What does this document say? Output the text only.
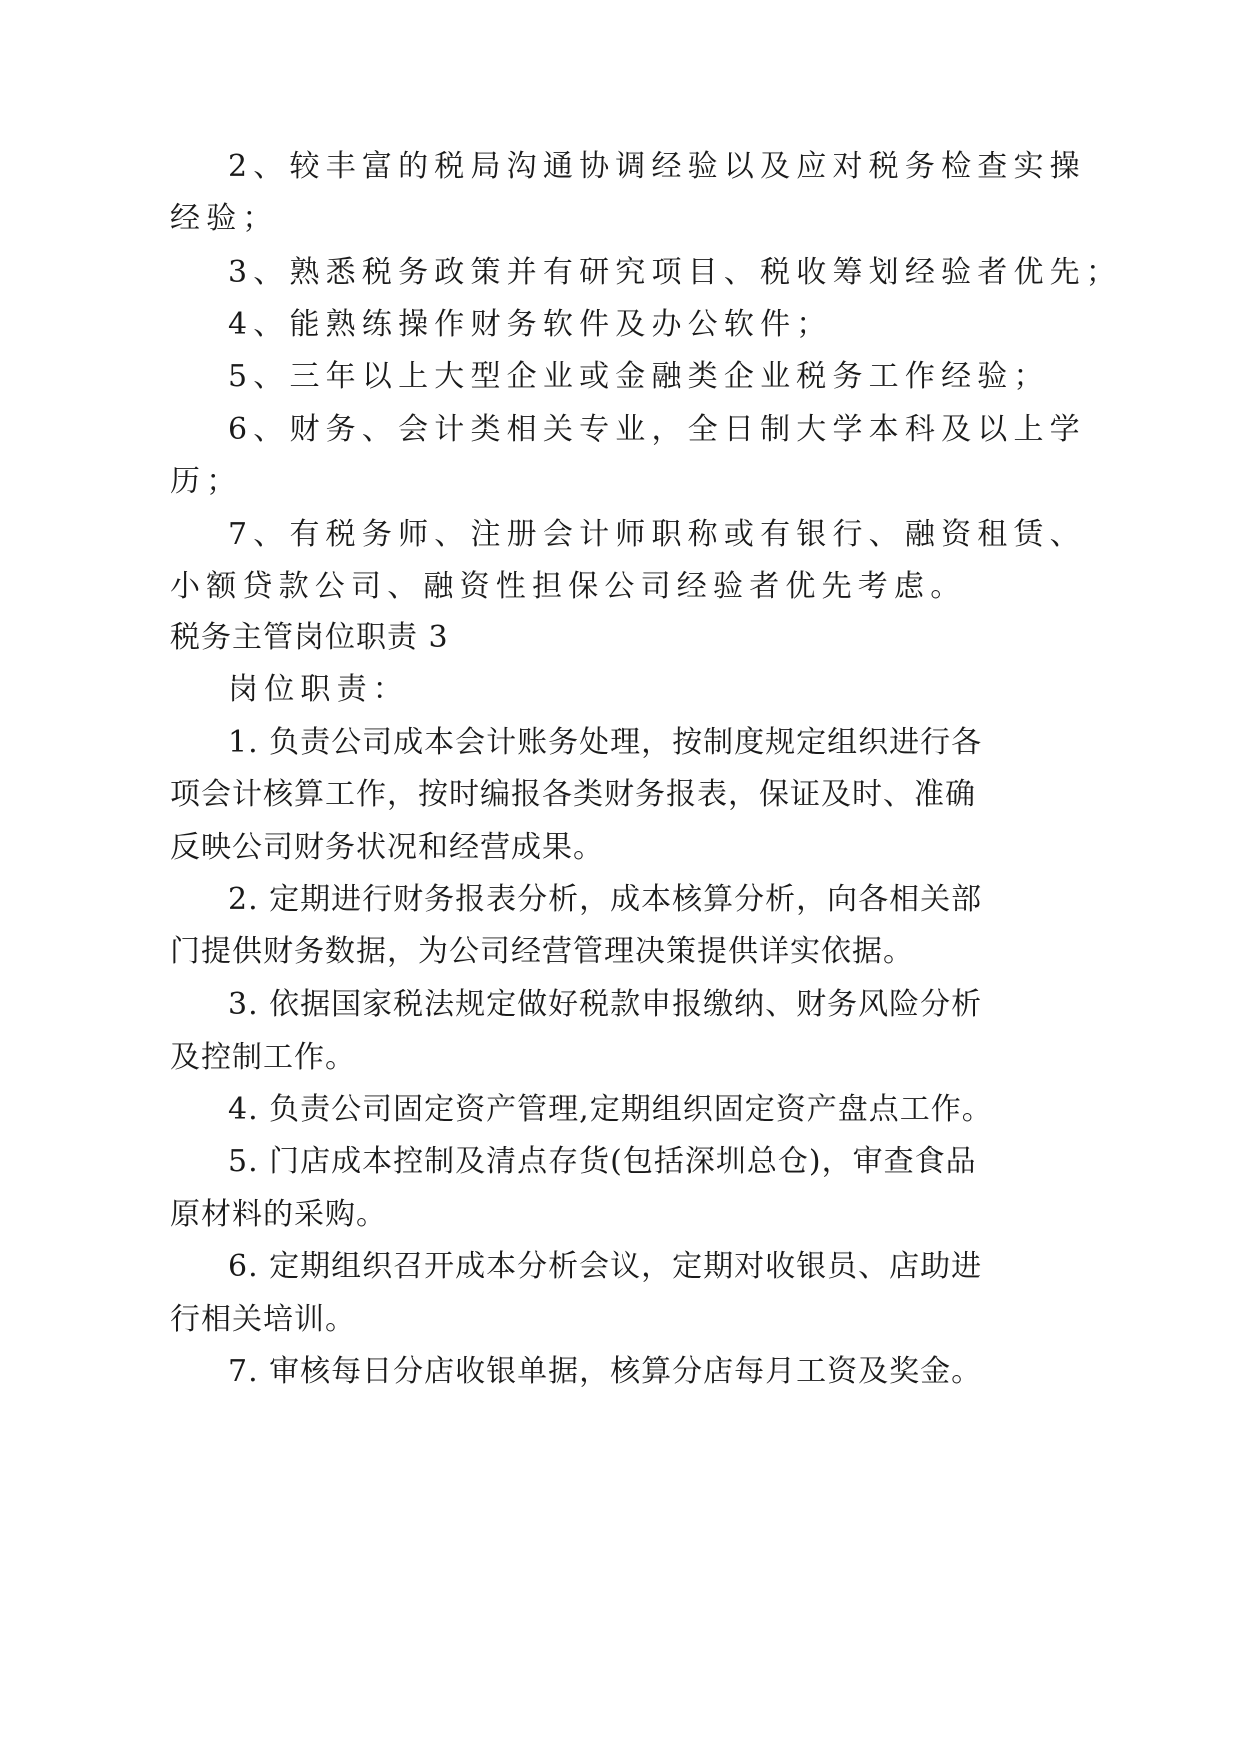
2、较丰富的税局沟通协调经验以及应对税务检查实操
经验；
3、熟悉税务政策并有研究项目、税收筹划经验者优先；
4、能熟练操作财务软件及办公软件；
5、三年以上大型企业或金融类企业税务工作经验；
6、财务、会计类相关专业，全日制大学本科及以上学
历；
7、有税务师、注册会计师职称或有银行、融资租赁、
小额贷款公司、融资性担保公司经验者优先考虑。
税务主管岗位职责 3
岗位职责：
1. 负责公司成本会计账务处理，按制度规定组织进行各
项会计核算工作，按时编报各类财务报表，保证及时、准确
反映公司财务状况和经营成果。
2. 定期进行财务报表分析，成本核算分析，向各相关部
门提供财务数据，为公司经营管理决策提供详实依据。
3. 依据国家税法规定做好税款申报缴纳、财务风险分析
及控制工作。
4. 负责公司固定资产管理,定期组织固定资产盘点工作。
5. 门店成本控制及清点存货(包括深圳总仓)，审查食品
原材料的采购。
6. 定期组织召开成本分析会议，定期对收银员、店助进
行相关培训。
7. 审核每日分店收银单据，核算分店每月工资及奖金。
